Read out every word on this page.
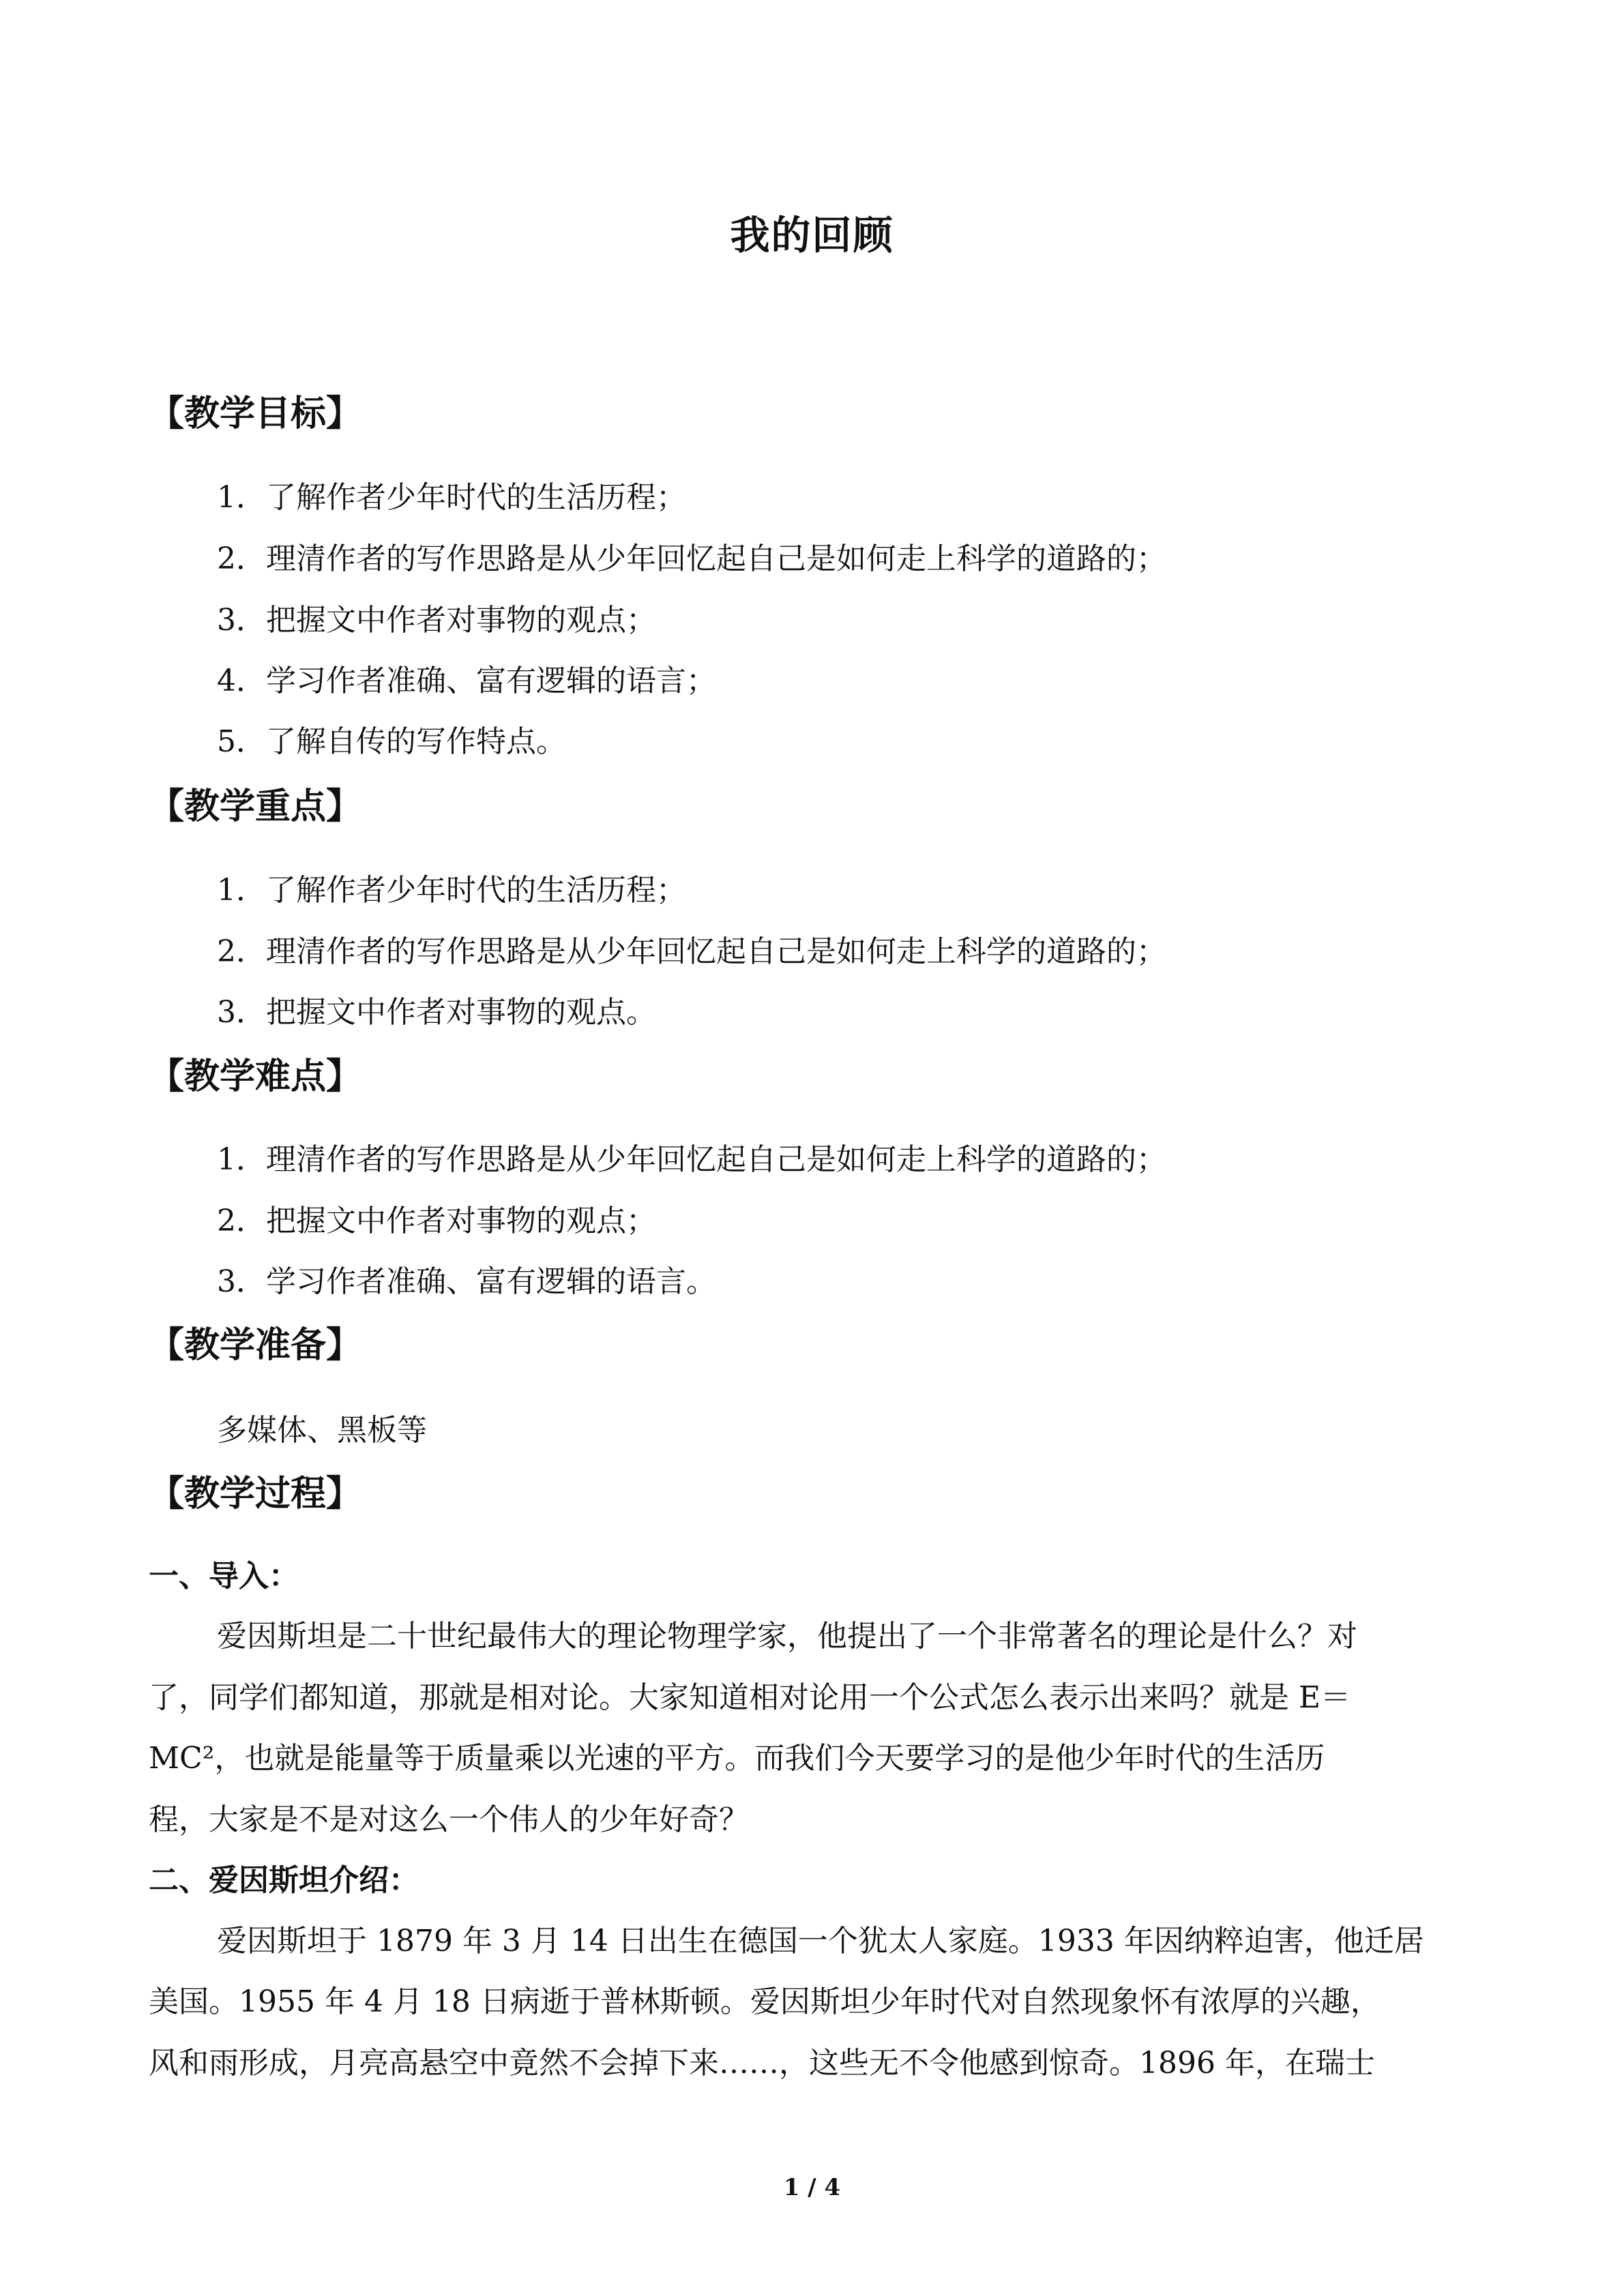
我的回顾
【教学目标】
1．了解作者少年时代的生活历程；
2．理清作者的写作思路是从少年回忆起自己是如何走上科学的道路的；
3．把握文中作者对事物的观点；
4．学习作者准确、富有逻辑的语言；
5．了解自传的写作特点。
【教学重点】
1．了解作者少年时代的生活历程；
2．理清作者的写作思路是从少年回忆起自己是如何走上科学的道路的；
3．把握文中作者对事物的观点。
【教学难点】
1．理清作者的写作思路是从少年回忆起自己是如何走上科学的道路的；
2．把握文中作者对事物的观点；
3．学习作者准确、富有逻辑的语言。
【教学准备】
多媒体、黑板等
【教学过程】
一、导入：
爱因斯坦是二十世纪最伟大的理论物理学家，他提出了一个非常著名的理论是什么？对
了，同学们都知道，那就是相对论。大家知道相对论用一个公式怎么表示出来吗？就是 E＝
MC²，也就是能量等于质量乘以光速的平方。而我们今天要学习的是他少年时代的生活历
程，大家是不是对这么一个伟人的少年好奇？
二、爱因斯坦介绍：
爱因斯坦于 1879 年 3 月 14 日出生在德国一个犹太人家庭。1933 年因纳粹迫害，他迁居
美国。1955 年 4 月 18 日病逝于普林斯顿。爱因斯坦少年时代对自然现象怀有浓厚的兴趣，
风和雨形成，月亮高悬空中竟然不会掉下来……，这些无不令他感到惊奇。1896 年，在瑞士
1 / 4
